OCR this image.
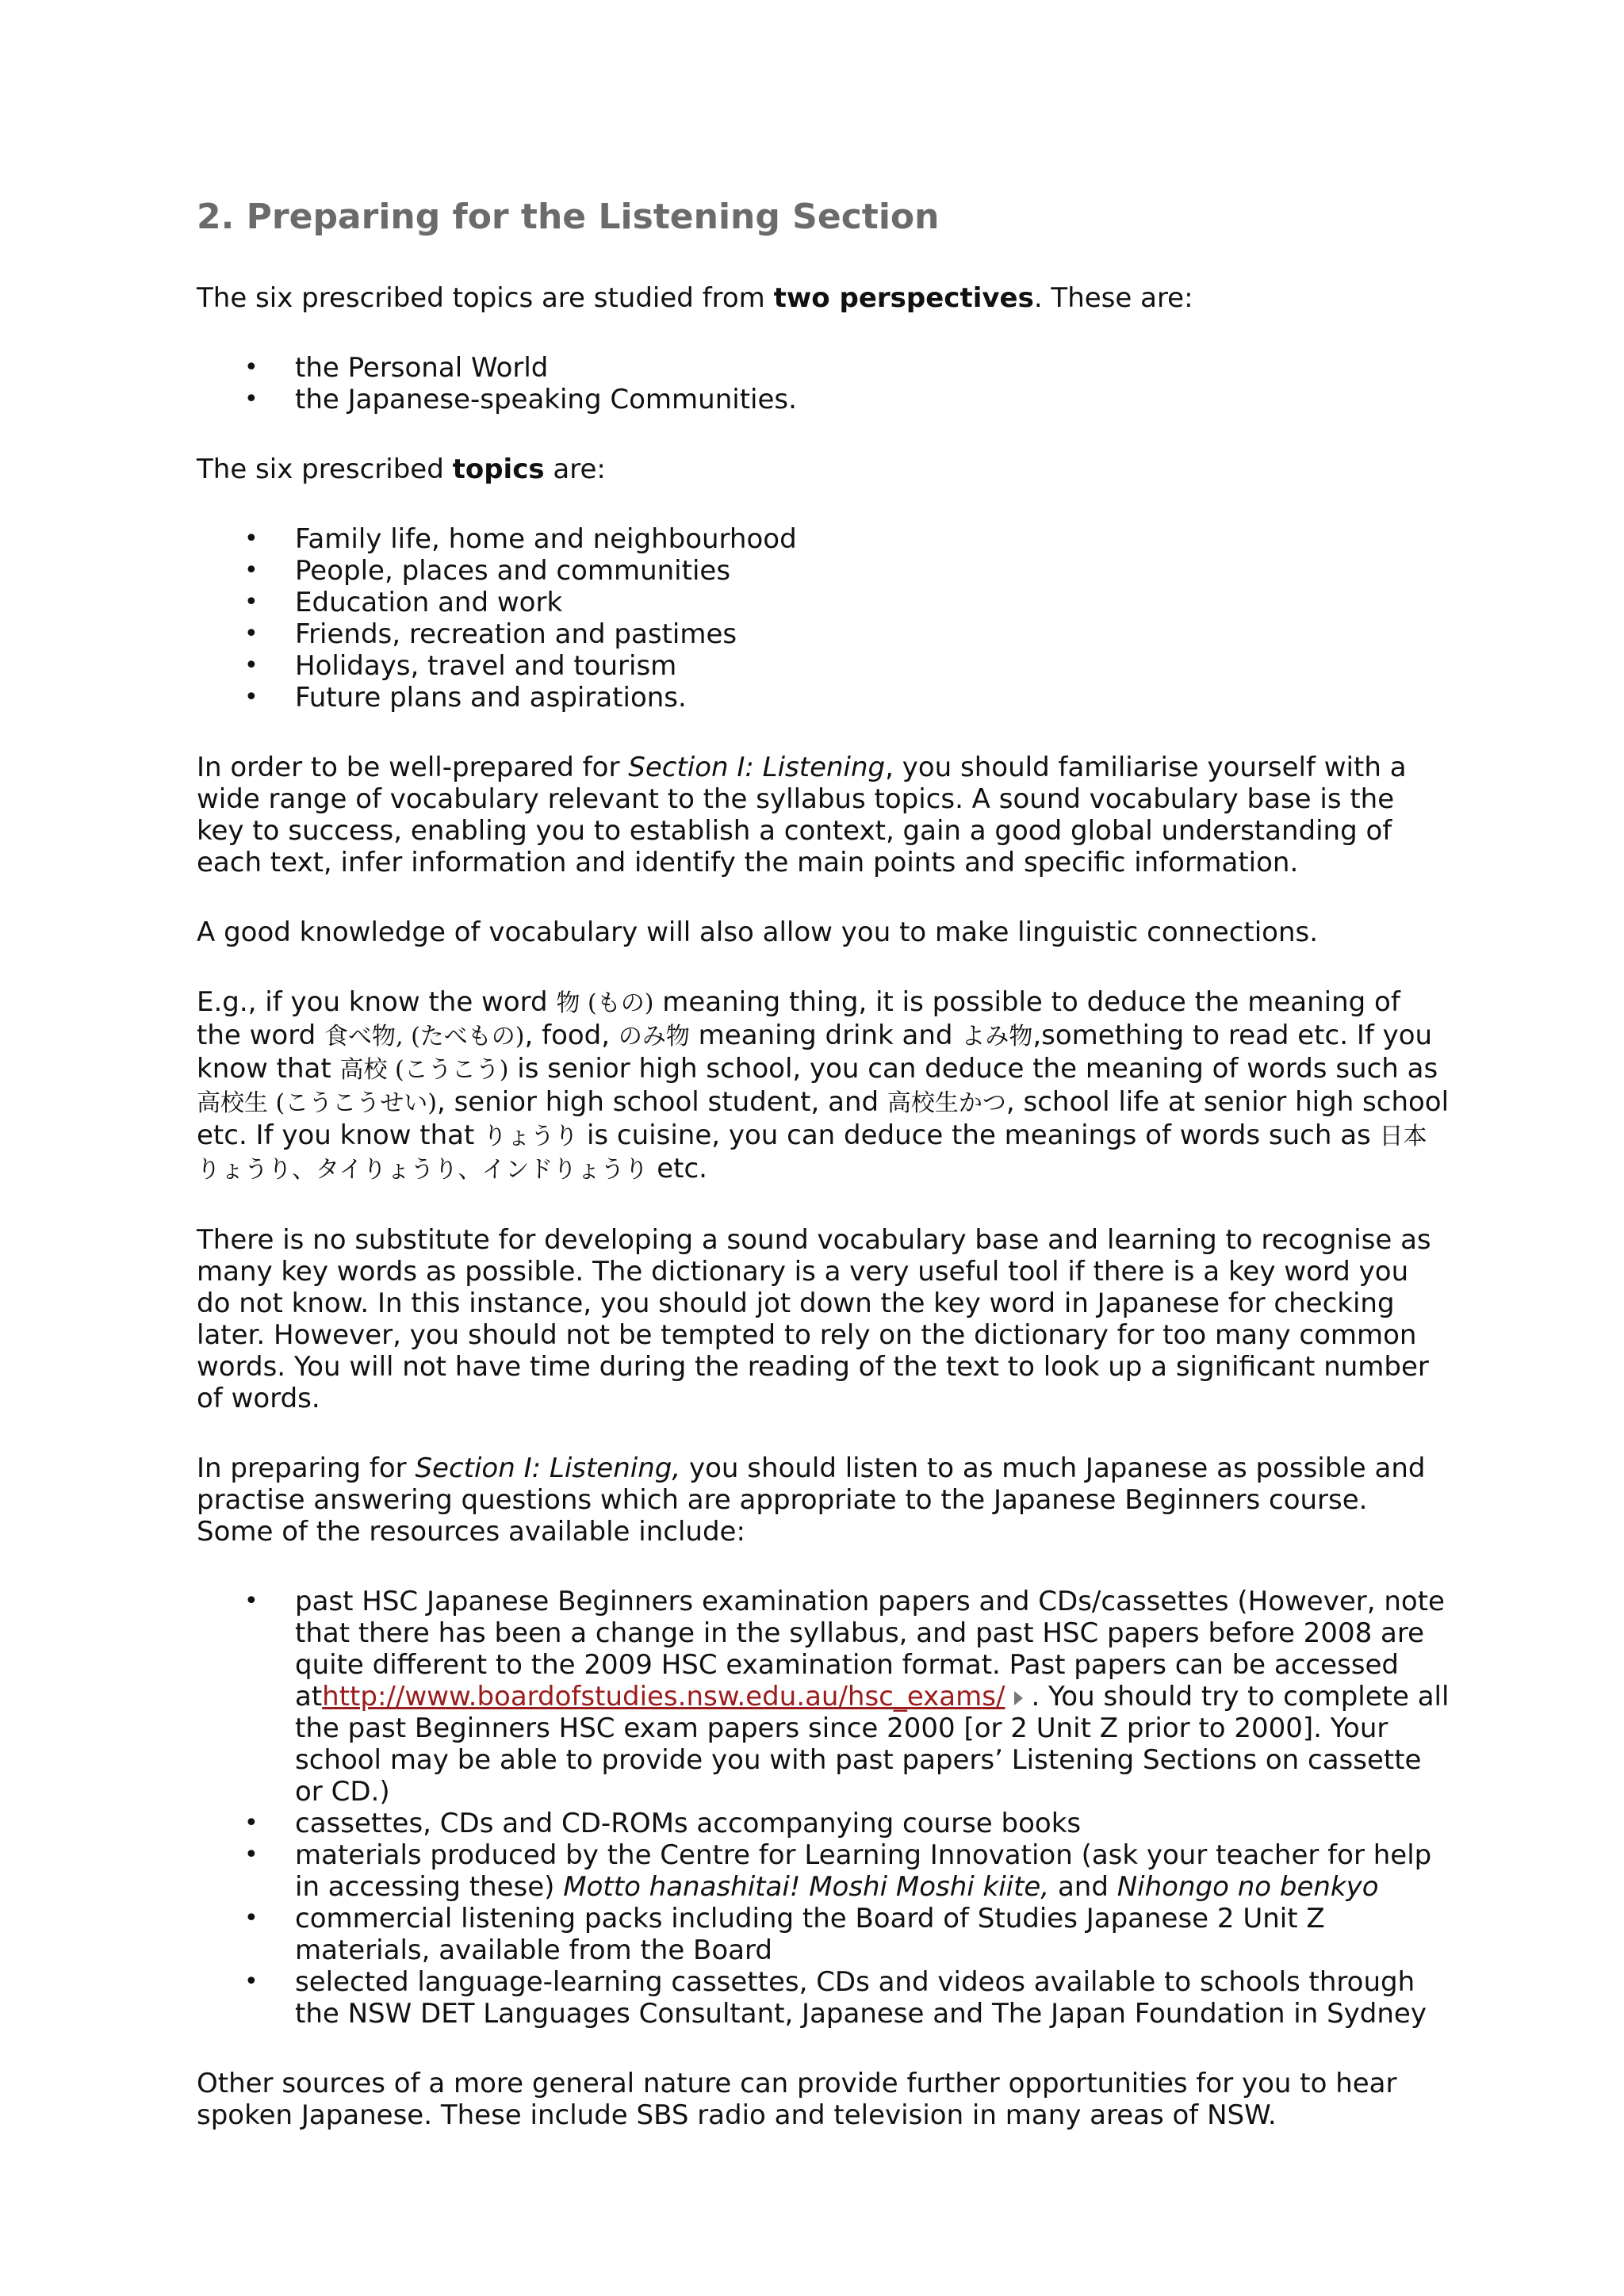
2. Preparing for the Listening Section

The six prescribed topics are studied from two perspectives. These are:

• the Personal World
• the Japanese-speaking Communities.

The six prescribed topics are:

• Family life, home and neighbourhood
• People, places and communities
• Education and work
• Friends, recreation and pastimes
• Holidays, travel and tourism
• Future plans and aspirations.

In order to be well-prepared for Section I: Listening, you should familiarise yourself with a wide range of vocabulary relevant to the syllabus topics. A sound vocabulary base is the key to success, enabling you to establish a context, gain a good global understanding of each text, infer information and identify the main points and specific information.

A good knowledge of vocabulary will also allow you to make linguistic connections.

E.g., if you know the word 物 (もの) meaning thing, it is possible to deduce the meaning of the word 食べ物, (たべもの), food, のみ物 meaning drink and よみ物,something to read etc. If you know that 高校 (こうこう) is senior high school, you can deduce the meaning of words such as 高校生 (こうこうせい), senior high school student, and 高校生かつ, school life at senior high school etc. If you know that りょうり is cuisine, you can deduce the meanings of words such as 日本りょうり、タイりょうり、インドりょうり etc.

There is no substitute for developing a sound vocabulary base and learning to recognise as many key words as possible. The dictionary is a very useful tool if there is a key word you do not know. In this instance, you should jot down the key word in Japanese for checking later. However, you should not be tempted to rely on the dictionary for too many common words. You will not have time during the reading of the text to look up a significant number of words.

In preparing for Section I: Listening, you should listen to as much Japanese as possible and practise answering questions which are appropriate to the Japanese Beginners course. Some of the resources available include:

• past HSC Japanese Beginners examination papers and CDs/cassettes (However, note that there has been a change in the syllabus, and past HSC papers before 2008 are quite different to the 2009 HSC examination format. Past papers can be accessed athttp://www.boardofstudies.nsw.edu.au/hsc_exams/ . You should try to complete all the past Beginners HSC exam papers since 2000 [or 2 Unit Z prior to 2000]. Your school may be able to provide you with past papers’ Listening Sections on cassette or CD.)
• cassettes, CDs and CD-ROMs accompanying course books
• materials produced by the Centre for Learning Innovation (ask your teacher for help in accessing these) Motto hanashitai! Moshi Moshi kiite, and Nihongo no benkyo
• commercial listening packs including the Board of Studies Japanese 2 Unit Z materials, available from the Board
• selected language-learning cassettes, CDs and videos available to schools through the NSW DET Languages Consultant, Japanese and The Japan Foundation in Sydney

Other sources of a more general nature can provide further opportunities for you to hear spoken Japanese. These include SBS radio and television in many areas of NSW.
